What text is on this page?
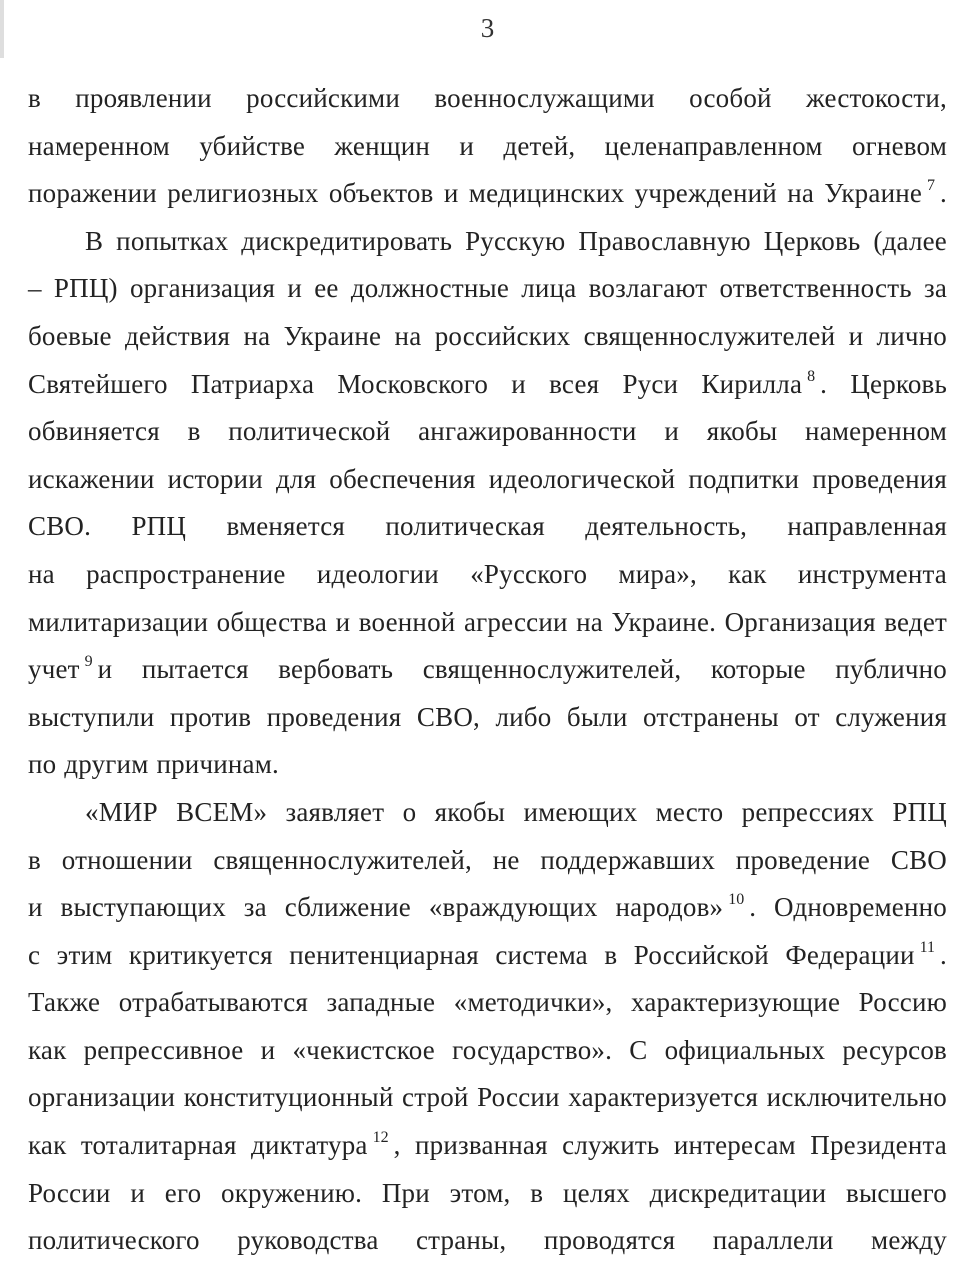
3
в проявлении российскими военнослужащими особой жестокости,
намеренном убийстве женщин и детей, целенаправленном огневом
поражении религиозных объектов и медицинских учреждений на Украине $^7$ .
В попытках дискредитировать Русскую Православную Церковь (далее
– РПЦ) организация и ее должностные лица возлагают ответственность за
боевые действия на Украине на российских священнослужителей и лично
Святейшего Патриарха Московского и всея Руси Кирилла $^8$ . Церковь
обвиняется в политической ангажированности и якобы намеренном
искажении истории для обеспечения идеологической подпитки проведения
СВО. РПЦ вменяется политическая деятельность, направленная
на распространение идеологии «Русского мира», как инструмента
милитаризации общества и военной агрессии на Украине. Организация ведет
учет $^9$ и пытается вербовать священнослужителей, которые публично
выступили против проведения СВО, либо были отстранены от служения
по другим причинам.
«МИР ВСЕМ» заявляет о якобы имеющих место репрессиях РПЦ
в отношении священнослужителей, не поддержавших проведение СВО
и выступающих за сближение «враждующих народов» $^{10}$ . Одновременно
с этим критикуется пенитенциарная система в Российской Федерации $^{11}$ .
Также отрабатываются западные «методички», характеризующие Россию
как репрессивное и «чекистское государство». С официальных ресурсов
организации конституционный строй России характеризуется исключительно
как тоталитарная диктатура $^{12}$ , призванная служить интересам Президента
России и его окружению. При этом, в целях дискредитации высшего
политического руководства страны, проводятся параллели между
